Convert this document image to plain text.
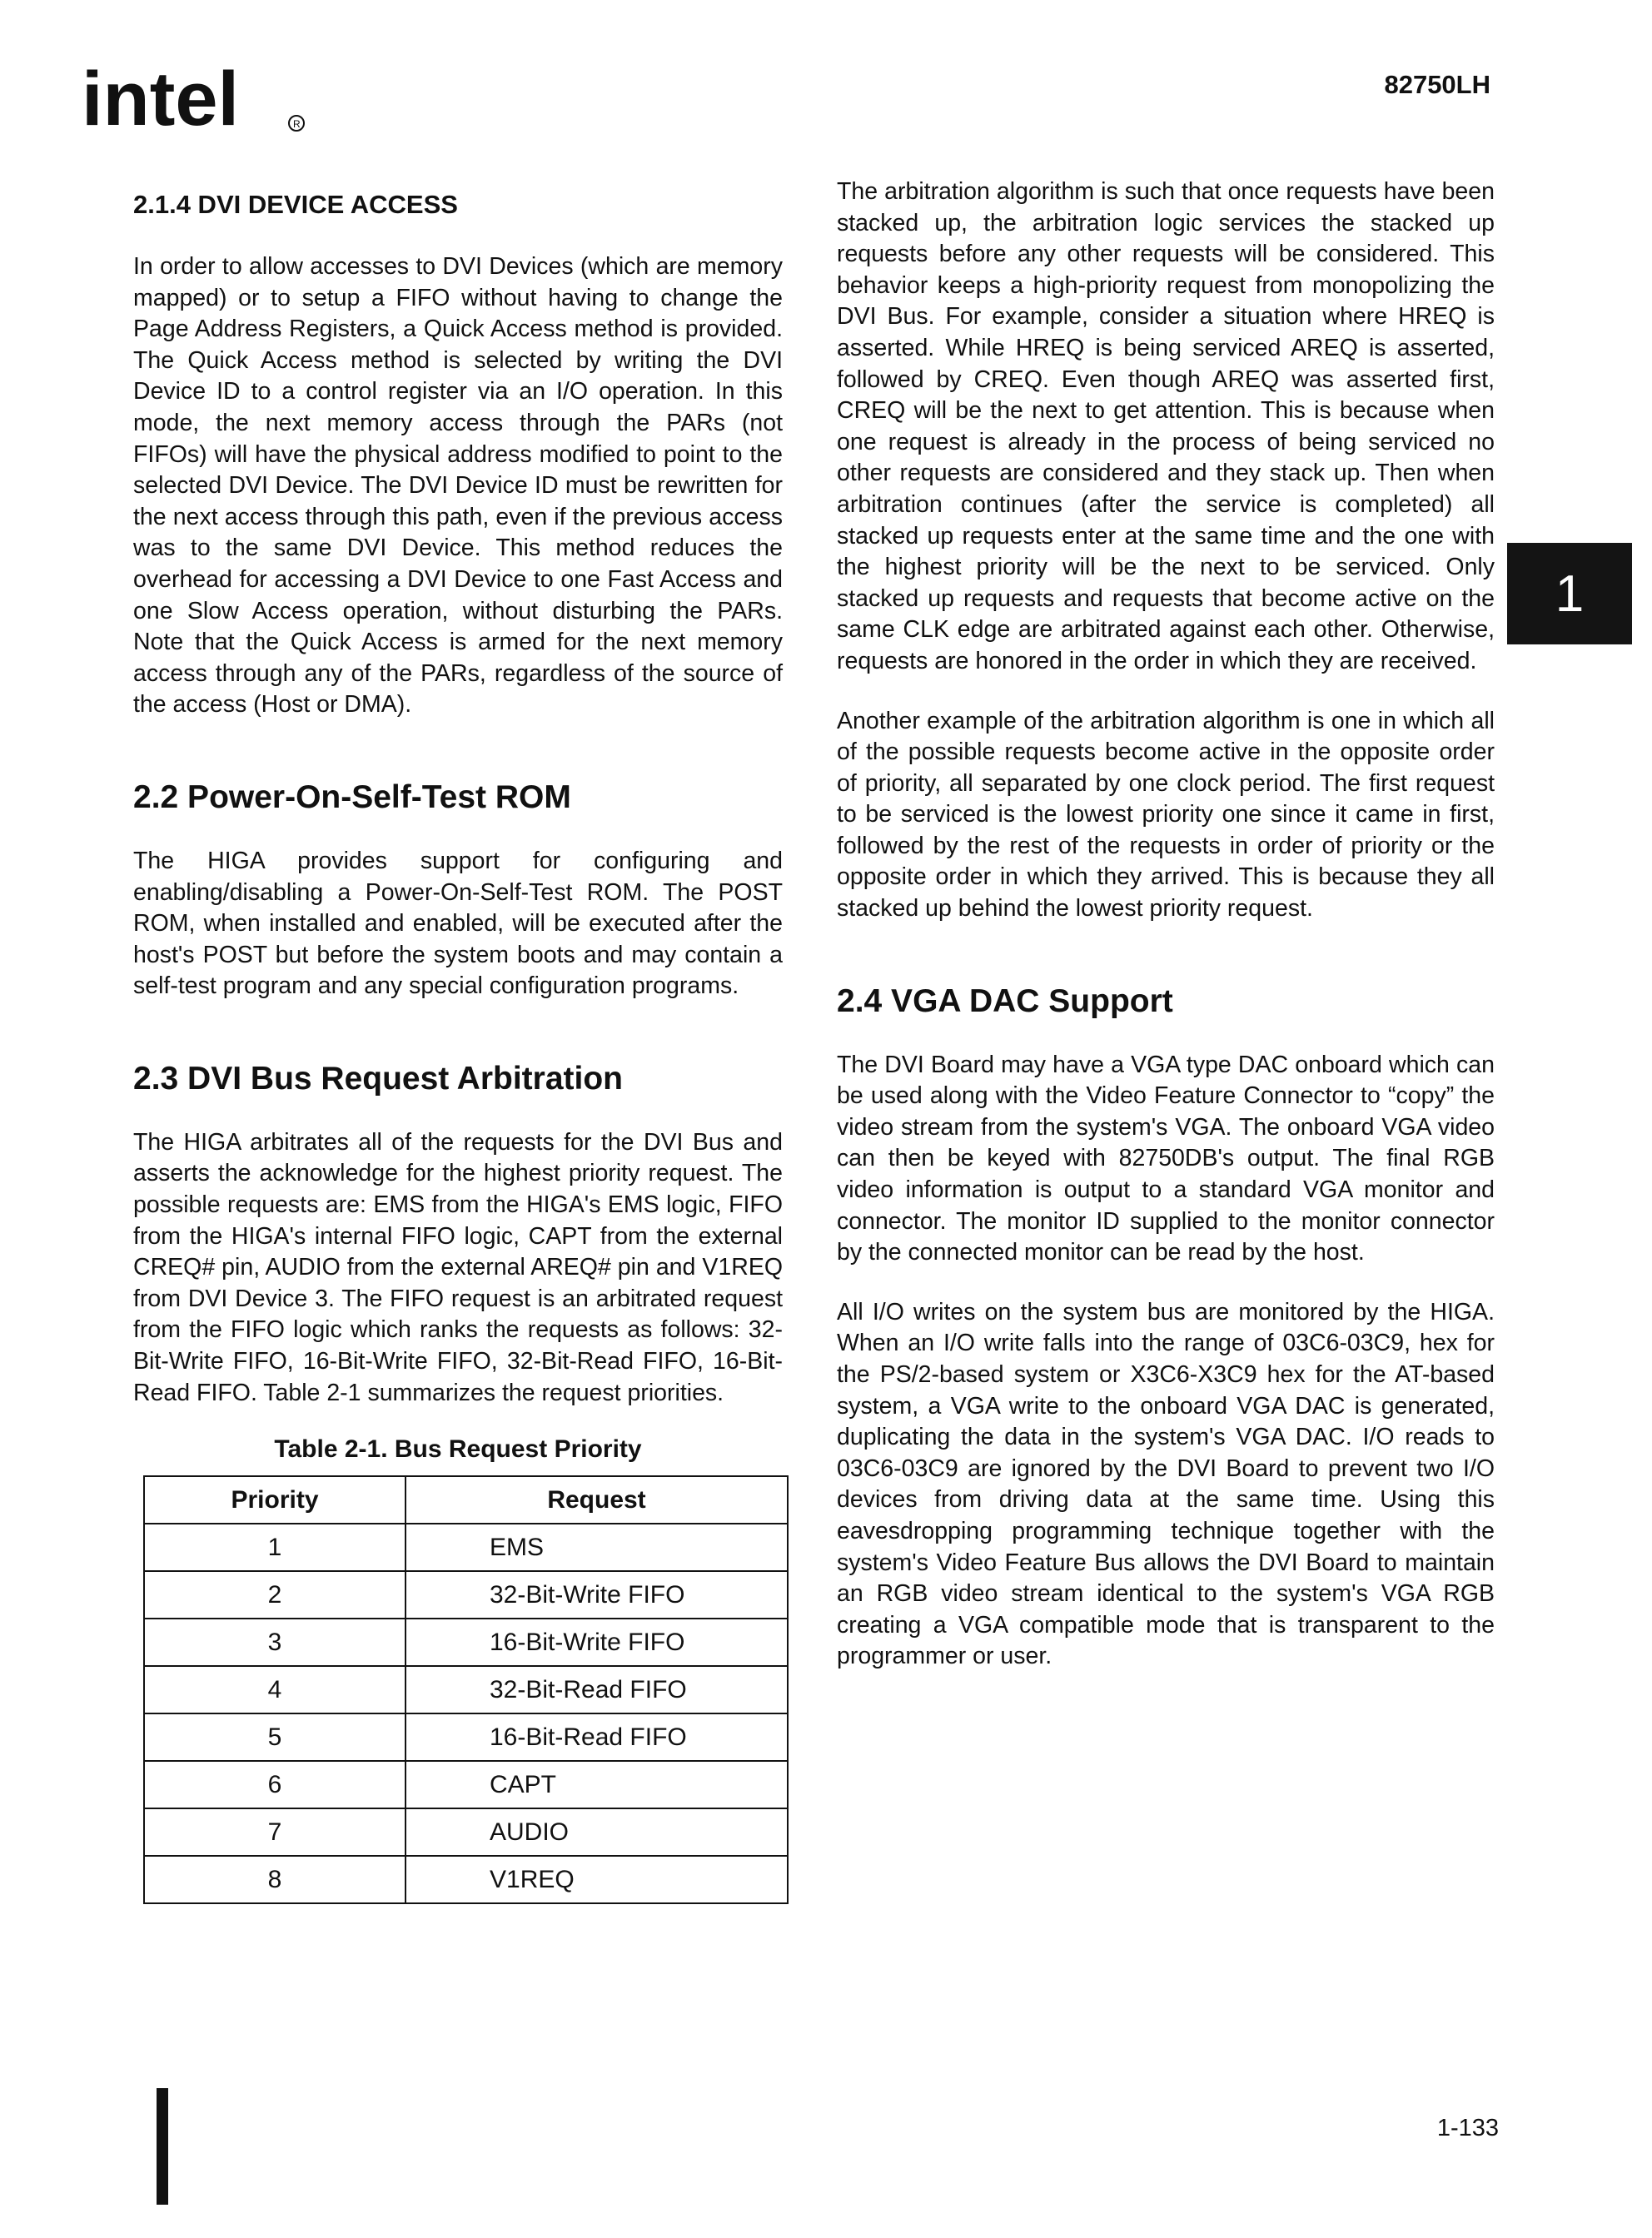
intel	R
82750LH
2.1.4 DVI DEVICE ACCESS

In order to allow accesses to DVI Devices (which are memory mapped) or to setup a FIFO without having to change the Page Address Registers, a Quick Access method is provided. The Quick Access method is selected by writing the DVI Device ID to a control register via an I/O operation. In this mode, the next memory access through the PARs (not FIFOs) will have the physical address modified to point to the selected DVI Device. The DVI Device ID must be rewritten for the next access through this path, even if the previous access was to the same DVI Device. This method reduces the overhead for accessing a DVI Device to one Fast Access and one Slow Access operation, without disturbing the PARs. Note that the Quick Access is armed for the next memory access through any of the PARs, regardless of the source of the access (Host or DMA).

2.2 Power-On-Self-Test ROM

The HIGA provides support for configuring and enabling/disabling a Power-On-Self-Test ROM. The POST ROM, when installed and enabled, will be executed after the host's POST but before the system boots and may contain a self-test program and any special configuration programs.

2.3 DVI Bus Request Arbitration

The HIGA arbitrates all of the requests for the DVI Bus and asserts the acknowledge for the highest priority request. The possible requests are: EMS from the HIGA's EMS logic, FIFO from the HIGA's internal FIFO logic, CAPT from the external CREQ# pin, AUDIO from the external AREQ# pin and V1REQ from DVI Device 3. The FIFO request is an arbitrated request from the FIFO logic which ranks the requests as follows: 32-Bit-Write FIFO, 16-Bit-Write FIFO, 32-Bit-Read FIFO, 16-Bit-Read FIFO. Table 2-1 summarizes the request priorities.

Table 2-1. Bus Request Priority
Priority	Request
1	EMS
2	32-Bit-Write FIFO
3	16-Bit-Write FIFO
4	32-Bit-Read FIFO
5	16-Bit-Read FIFO
6	CAPT
7	AUDIO
8	V1REQ

The arbitration algorithm is such that once requests have been stacked up, the arbitration logic services the stacked up requests before any other requests will be considered. This behavior keeps a high-priority request from monopolizing the DVI Bus. For example, consider a situation where HREQ is asserted. While HREQ is being serviced AREQ is asserted, followed by CREQ. Even though AREQ was asserted first, CREQ will be the next to get attention. This is because when one request is already in the process of being serviced no other requests are considered and they stack up. Then when arbitration continues (after the service is completed) all stacked up requests enter at the same time and the one with the highest priority will be the next to be serviced. Only stacked up requests and requests that become active on the same CLK edge are arbitrated against each other. Otherwise, requests are honored in the order in which they are received.

Another example of the arbitration algorithm is one in which all of the possible requests become active in the opposite order of priority, all separated by one clock period. The first request to be serviced is the lowest priority one since it came in first, followed by the rest of the requests in order of priority or the opposite order in which they arrived. This is because they all stacked up behind the lowest priority request.

2.4 VGA DAC Support

The DVI Board may have a VGA type DAC onboard which can be used along with the Video Feature Connector to “copy” the video stream from the system's VGA. The onboard VGA video can then be keyed with 82750DB's output. The final RGB video information is output to a standard VGA monitor and connector. The monitor ID supplied to the monitor connector by the connected monitor can be read by the host.

All I/O writes on the system bus are monitored by the HIGA. When an I/O write falls into the range of 03C6-03C9, hex for the PS/2-based system or X3C6-X3C9 hex for the AT-based system, a VGA write to the onboard VGA DAC is generated, duplicating the data in the system's VGA DAC. I/O reads to 03C6-03C9 are ignored by the DVI Board to prevent two I/O devices from driving data at the same time. Using this eavesdropping programming technique together with the system's Video Feature Bus allows the DVI Board to maintain an RGB video stream identical to the system's VGA RGB creating a VGA compatible mode that is transparent to the programmer or user.

1
1-133
